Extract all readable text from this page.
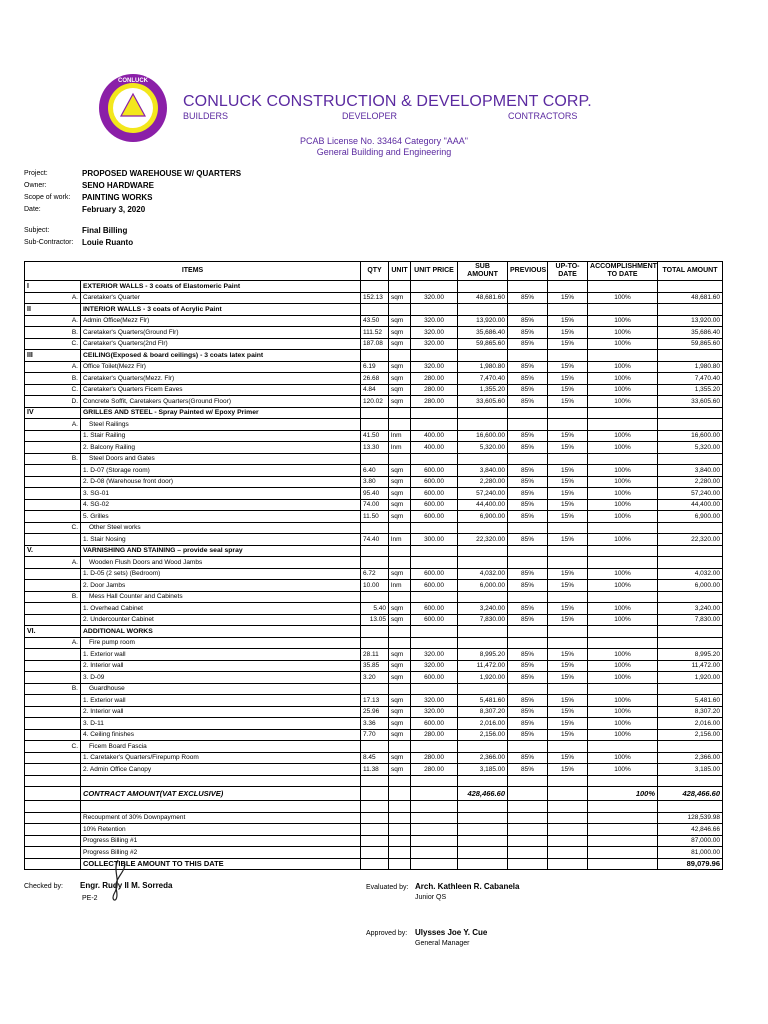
CONLUCK
CONLUCK CONSTRUCTION & DEVELOPMENT CORP.
BUILDERS	DEVELOPER	CONTRACTORS
PCAB License No. 33464 Category "AAA"
General Building and Engineering
Project:	PROPOSED WAREHOUSE W/ QUARTERS
Owner:	SENO HARDWARE
Scope of work: PAINTING WORKS
Date:	February 3, 2020
Subject:	Final Billing
Sub-Contractor: Louie Ruanto
ITEMS		QTY	UNIT	UNIT PRICE	SUB AMOUNT	PREVIOUS	UP-TO-DATE	ACCOMPLISHMENT TO DATE	TOTAL AMOUNT
I	EXTERIOR WALLS - 3 coats of Elastomeric Paint								
A.	Caretaker's Quarter	152.13	sqm	320.00	48,681.60	85%	15%	100%	48,681.60
II	INTERIOR WALLS - 3 coats of Acrylic Paint								
A.	Admin Office(Mezz Flr)	43.50	sqm	320.00	13,920.00	85%	15%	100%	13,920.00
B.	Caretaker's Quarters(Ground Flr)	111.52	sqm	320.00	35,686.40	85%	15%	100%	35,686.40
C.	Caretaker's Quarters(2nd Flr)	187.08	sqm	320.00	59,865.60	85%	15%	100%	59,865.60
III	CEILING(Exposed & board ceilings) - 3 coats latex paint								
A.	Office Toilet(Mezz Flr)	6.19	sqm	320.00	1,980.80	85%	15%	100%	1,980.80
B.	Caretaker's Quarters(Mezz. Flr)	26.68	sqm	280.00	7,470.40	85%	15%	100%	7,470.40
C.	Caretaker's Quarters Ficem Eaves	4.84	sqm	280.00	1,355.20	85%	15%	100%	1,355.20
D.	Concrete Soffit, Caretakers Quarters(Ground Floor)	120.02	sqm	280.00	33,605.60	85%	15%	100%	33,605.60
IV	GRILLES AND STEEL - Spray Painted w/ Epoxy Primer								
A.	Steel Railings								
	1. Stair Railing	41.50	lnm	400.00	16,600.00	85%	15%	100%	16,600.00
	2. Balcony Railing	13.30	lnm	400.00	5,320.00	85%	15%	100%	5,320.00
B.	Steel Doors and Gates								
	1. D-07 (Storage room)	6.40	sqm	600.00	3,840.00	85%	15%	100%	3,840.00
	2. D-08 (Warehouse front door)	3.80	sqm	600.00	2,280.00	85%	15%	100%	2,280.00
	3. SG-01	95.40	sqm	600.00	57,240.00	85%	15%	100%	57,240.00
	4. SG-02	74.00	sqm	600.00	44,400.00	85%	15%	100%	44,400.00
	5. Grilles	11.50	sqm	600.00	6,900.00	85%	15%	100%	6,900.00
C.	Other Steel works								
	1. Stair Nosing	74.40	lnm	300.00	22,320.00	85%	15%	100%	22,320.00
V.	VARNISHING AND STAINING – provide seal spray								
A.	Wooden Flush Doors and Wood Jambs								
	1. D-05 (2 sets) (Bedroom)	6.72	sqm	600.00	4,032.00	85%	15%	100%	4,032.00
	2. Door Jambs	10.00	lnm	600.00	6,000.00	85%	15%	100%	6,000.00
B.	Mess Hall Counter and Cabinets								
	1. Overhead Cabinet	5.40	sqm	600.00	3,240.00	85%	15%	100%	3,240.00
	2. Undercounter Cabinet	13.05	sqm	600.00	7,830.00	85%	15%	100%	7,830.00
VI.	ADDITIONAL WORKS								
A.	Fire pump room								
	1. Exterior wall	28.11	sqm	320.00	8,995.20	85%	15%	100%	8,995.20
	2. Interior wall	35.85	sqm	320.00	11,472.00	85%	15%	100%	11,472.00
	3. D-09	3.20	sqm	600.00	1,920.00	85%	15%	100%	1,920.00
B.	Guardhouse								
	1. Exterior wall	17.13	sqm	320.00	5,481.60	85%	15%	100%	5,481.60
	2. Interior wall	25.96	sqm	320.00	8,307.20	85%	15%	100%	8,307.20
	3. D-11	3.36	sqm	600.00	2,016.00	85%	15%	100%	2,016.00
	4. Ceiling finishes	7.70	sqm	280.00	2,156.00	85%	15%	100%	2,156.00
C.	Ficem Board Fascia								
	1. Caretaker's Quarters/Firepump Room	8.45	sqm	280.00	2,366.00	85%	15%	100%	2,366.00
	2. Admin Office Canopy	11.38	sqm	280.00	3,185.00	85%	15%	100%	3,185.00

	CONTRACT AMOUNT(VAT EXCLUSIVE)				428,466.60			100%	428,466.60

	Recoupment of 30% Downpayment								128,539.98
	10% Retention								42,846.66
	Progress Billing #1								87,000.00
	Progress Billing #2								81,000.00
	COLLECTIBLE AMOUNT TO THIS DATE								89,079.96
Checked by: Engr. Rudy II M. Sorreda
PE-2
Evaluated by: Arch. Kathleen R. Cabanela
Junior QS
Approved by: Ulysses Joe Y. Cue
General Manager
